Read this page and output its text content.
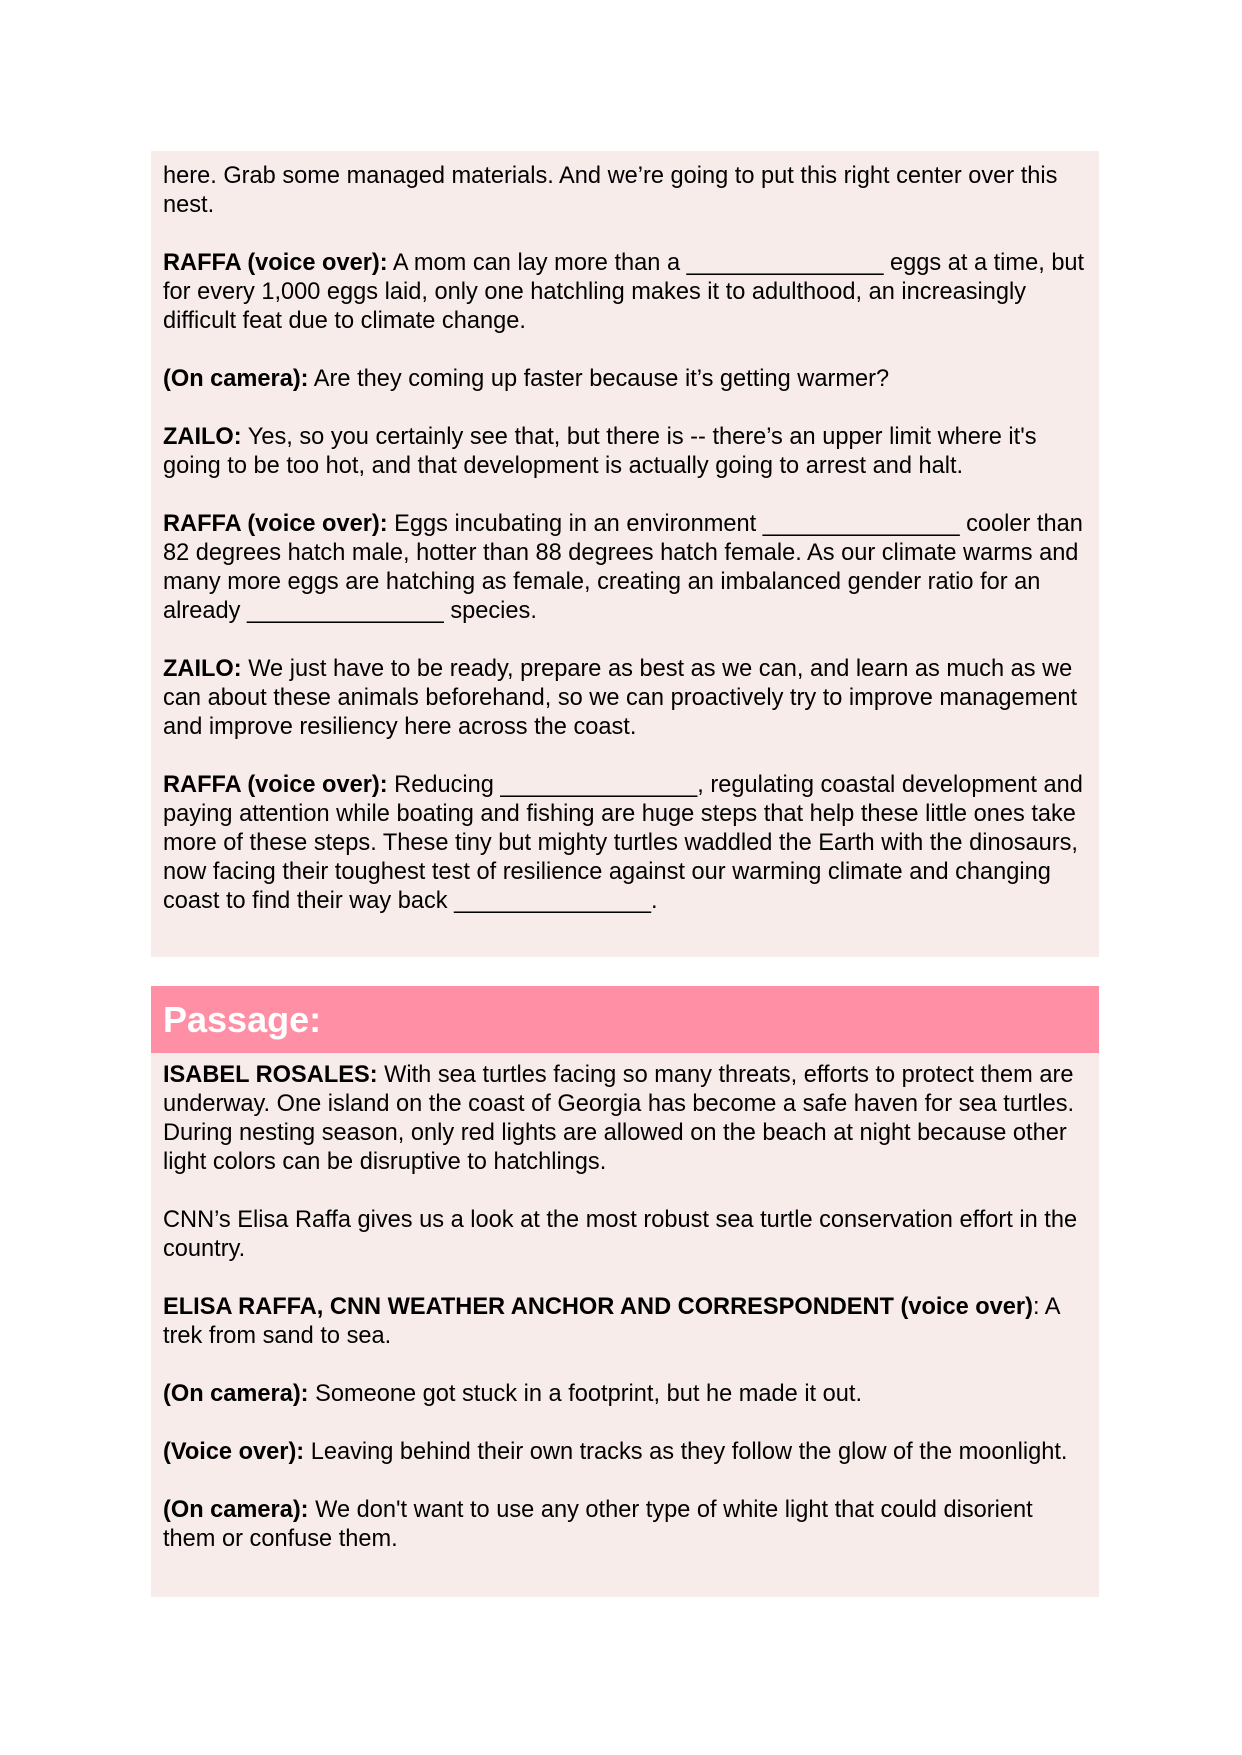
here. Grab some managed materials. And we’re going to put this right center over this nest.

RAFFA (voice over): A mom can lay more than a _______________ eggs at a time, but for every 1,000 eggs laid, only one hatchling makes it to adulthood, an increasingly difficult feat due to climate change.

(On camera): Are they coming up faster because it’s getting warmer?

ZAILO: Yes, so you certainly see that, but there is -- there’s an upper limit where it's going to be too hot, and that development is actually going to arrest and halt.

RAFFA (voice over): Eggs incubating in an environment _______________ cooler than 82 degrees hatch male, hotter than 88 degrees hatch female. As our climate warms and many more eggs are hatching as female, creating an imbalanced gender ratio for an already _______________ species.

ZAILO: We just have to be ready, prepare as best as we can, and learn as much as we can about these animals beforehand, so we can proactively try to improve management and improve resiliency here across the coast.

RAFFA (voice over): Reducing _______________, regulating coastal development and paying attention while boating and fishing are huge steps that help these little ones take more of these steps. These tiny but mighty turtles waddled the Earth with the dinosaurs, now facing their toughest test of resilience against our warming climate and changing coast to find their way back _______________.

Passage:

ISABEL ROSALES: With sea turtles facing so many threats, efforts to protect them are underway. One island on the coast of Georgia has become a safe haven for sea turtles. During nesting season, only red lights are allowed on the beach at night because other light colors can be disruptive to hatchlings.

CNN’s Elisa Raffa gives us a look at the most robust sea turtle conservation effort in the country.

ELISA RAFFA, CNN WEATHER ANCHOR AND CORRESPONDENT (voice over): A trek from sand to sea.

(On camera): Someone got stuck in a footprint, but he made it out.

(Voice over): Leaving behind their own tracks as they follow the glow of the moonlight.

(On camera): We don't want to use any other type of white light that could disorient them or confuse them.
